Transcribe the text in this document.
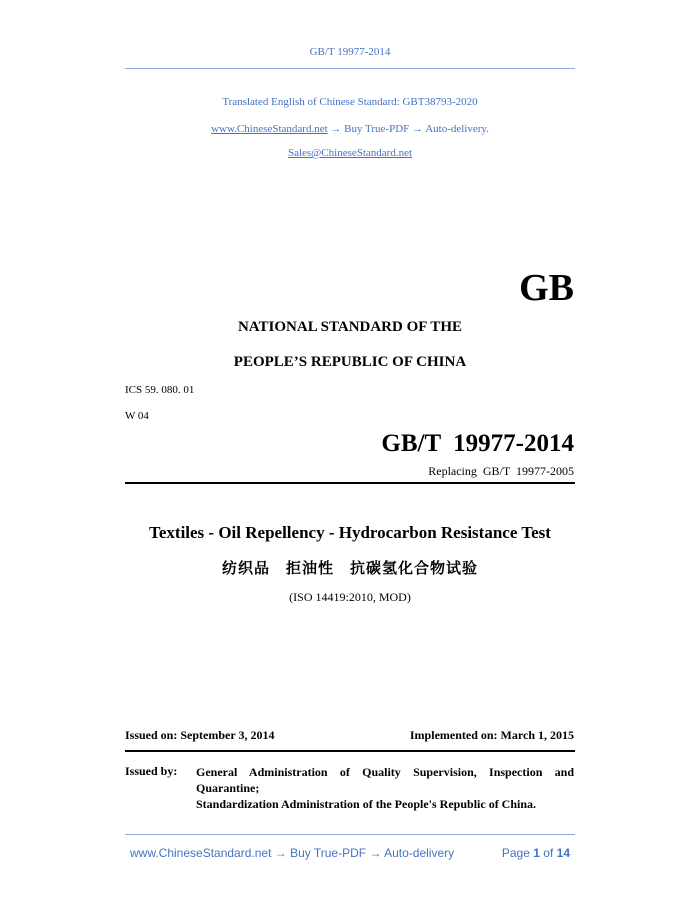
GB/T 19977-2014
Translated English of Chinese Standard: GBT38793-2020
www.ChineseStandard.net → Buy True-PDF → Auto-delivery.
Sales@ChineseStandard.net
GB
NATIONAL STANDARD OF THE
PEOPLE’S REPUBLIC OF CHINA
ICS 59. 080. 01
W 04
GB/T  19977-2014
Replacing  GB/T  19977-2005
Textiles - Oil Repellency - Hydrocarbon Resistance Test
纺织品　拒油性　抗碳氢化合物试验
(ISO 14419:2010, MOD)
Issued on: September 3, 2014	Implemented on: March 1, 2015
Issued by: General Administration of Quality Supervision, Inspection and
Quarantine;
Standardization Administration of the People's Republic of China.
www.ChineseStandard.net → Buy True-PDF → Auto-delivery	Page 1 of 14
